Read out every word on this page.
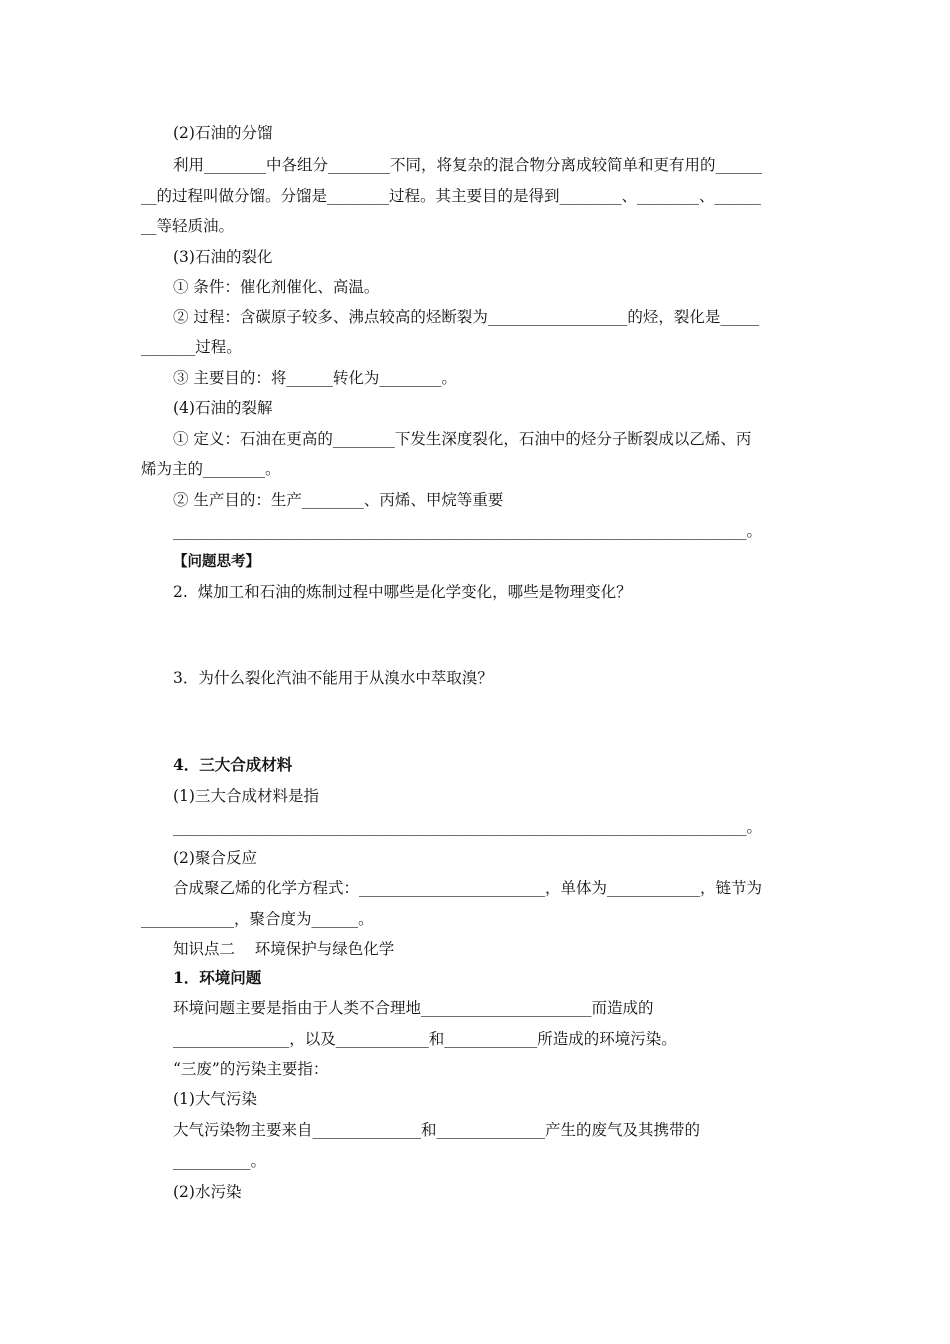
(2)石油的分馏
利用________中各组分________不同，将复杂的混合物分离成较简单和更有用的______
__的过程叫做分馏。分馏是________过程。其主要目的是得到________、________、______
__等轻质油。
(3)石油的裂化
① 条件：催化剂催化、高温。
② 过程：含碳原子较多、沸点较高的烃断裂为__________________的烃，裂化是_____
_______过程。
③ 主要目的：将______转化为________。
(4)石油的裂解
① 定义：石油在更高的________下发生深度裂化，石油中的烃分子断裂成以乙烯、丙
烯为主的________。
② 生产目的：生产________、丙烯、甲烷等重要
__________________________________________________________________________。
【问题思考】
2.  煤加工和石油的炼制过程中哪些是化学变化，哪些是物理变化？
3．为什么裂化汽油不能用于从溴水中萃取溴？
4．三大合成材料
(1)三大合成材料是指
__________________________________________________________________________。
(2)聚合反应
合成聚乙烯的化学方程式：________________________，单体为____________，链节为
____________，聚合度为______。
知识点二    环境保护与绿色化学
1．环境问题
环境问题主要是指由于人类不合理地______________________而造成的
_______________，以及____________和____________所造成的环境污染。
“三废”的污染主要指：
(1)大气污染
大气污染物主要来自______________和______________产生的废气及其携带的
__________。
(2)水污染
